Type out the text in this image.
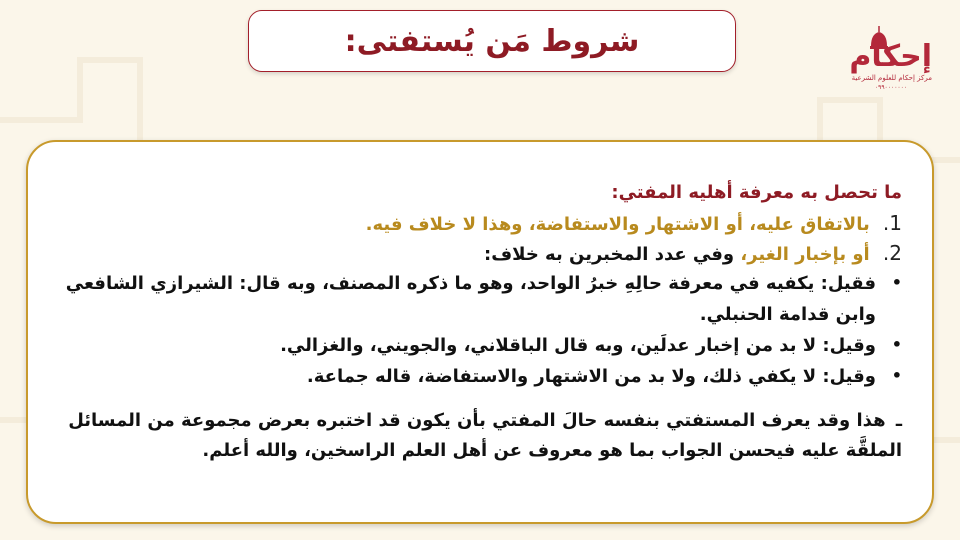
شروط مَن يُستفتى:	إحكام
مركز إحكام للعلوم الشرعية
٠٩٩٠٠٠٠٠٠٠
ما تحصل به معرفة أهليه المفتي:
1. بالاتفاق عليه، أو الاشتهار والاستفاضة، وهذا لا خلاف فيه.
2. أو بإخبار الغير، وفي عدد المخبرين به خلاف:
•
فقيل: يكفيه في معرفة حالِهِ خبرُ الواحد، وهو ما ذكره المصنف، وبه قال: الشيرازي الشافعي
وابن قدامة الحنبلي.
•
وقيل: لا بد من إخبار عدلَين، وبه قال الباقلاني، والجويني، والغزالي.
•
وقيل: لا يكفي ذلك، ولا بد من الاشتهار والاستفاضة، قاله جماعة.
ـ هذا وقد يعرف المستفتي بنفسه حالَ المفتي بأن يكون قد اختبره بعرض مجموعة من المسائل
الملقَّة عليه فيحسن الجواب بما هو معروف عن أهل العلم الراسخين، والله أعلم.
